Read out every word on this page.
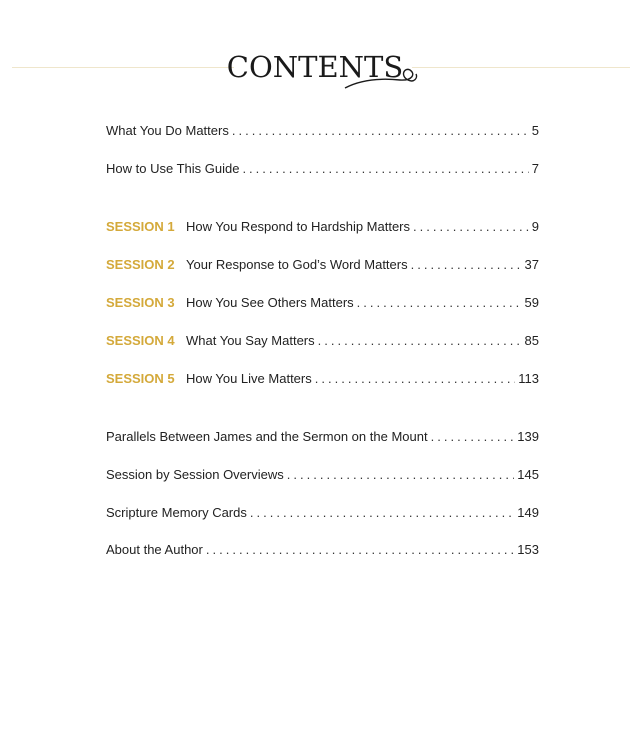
CONTENTS
What You Do Matters . . .	5
How to Use This Guide . . .	7
SESSION 1 How You Respond to Hardship Matters . . .	9
SESSION 2 Your Response to God’s Word Matters . . .	37
SESSION 3 How You See Others Matters . . .	59
SESSION 4 What You Say Matters . . .	85
SESSION 5 How You Live Matters . . .	113
Parallels Between James and the Sermon on the Mount . . .	139
Session by Session Overviews . . .	145
Scripture Memory Cards . . .	149
About the Author . . .	153
